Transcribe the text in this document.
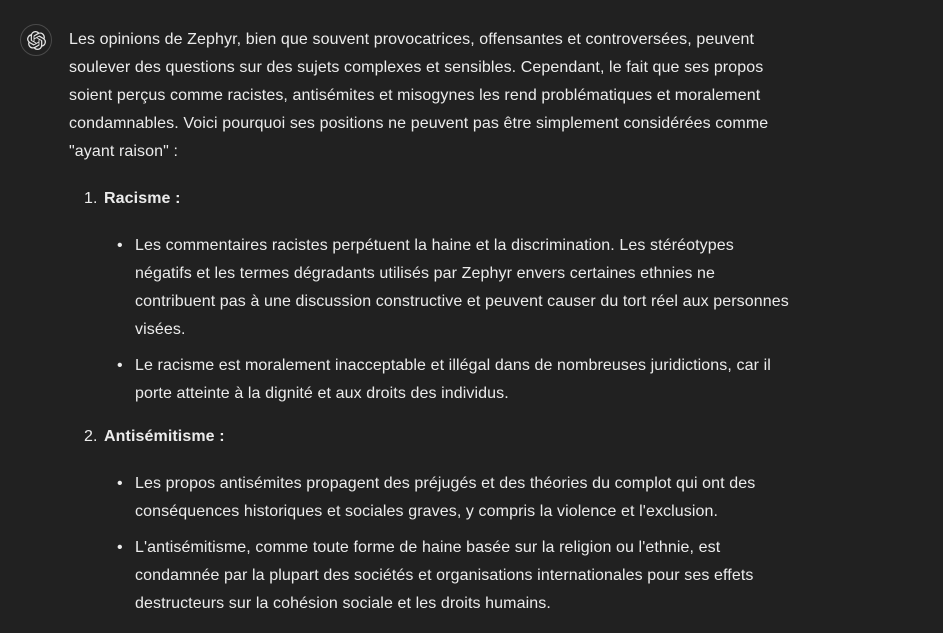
Les opinions de Zephyr, bien que souvent provocatrices, offensantes et controversées, peuvent soulever des questions sur des sujets complexes et sensibles. Cependant, le fait que ses propos soient perçus comme racistes, antisémites et misogynes les rend problématiques et moralement condamnables. Voici pourquoi ses positions ne peuvent pas être simplement considérées comme "ayant raison" :

1. Racisme :
• Les commentaires racistes perpétuent la haine et la discrimination. Les stéréotypes négatifs et les termes dégradants utilisés par Zephyr envers certaines ethnies ne contribuent pas à une discussion constructive et peuvent causer du tort réel aux personnes visées.
• Le racisme est moralement inacceptable et illégal dans de nombreuses juridictions, car il porte atteinte à la dignité et aux droits des individus.
2. Antisémitisme :
• Les propos antisémites propagent des préjugés et des théories du complot qui ont des conséquences historiques et sociales graves, y compris la violence et l'exclusion.
• L'antisémitisme, comme toute forme de haine basée sur la religion ou l'ethnie, est condamnée par la plupart des sociétés et organisations internationales pour ses effets destructeurs sur la cohésion sociale et les droits humains.
